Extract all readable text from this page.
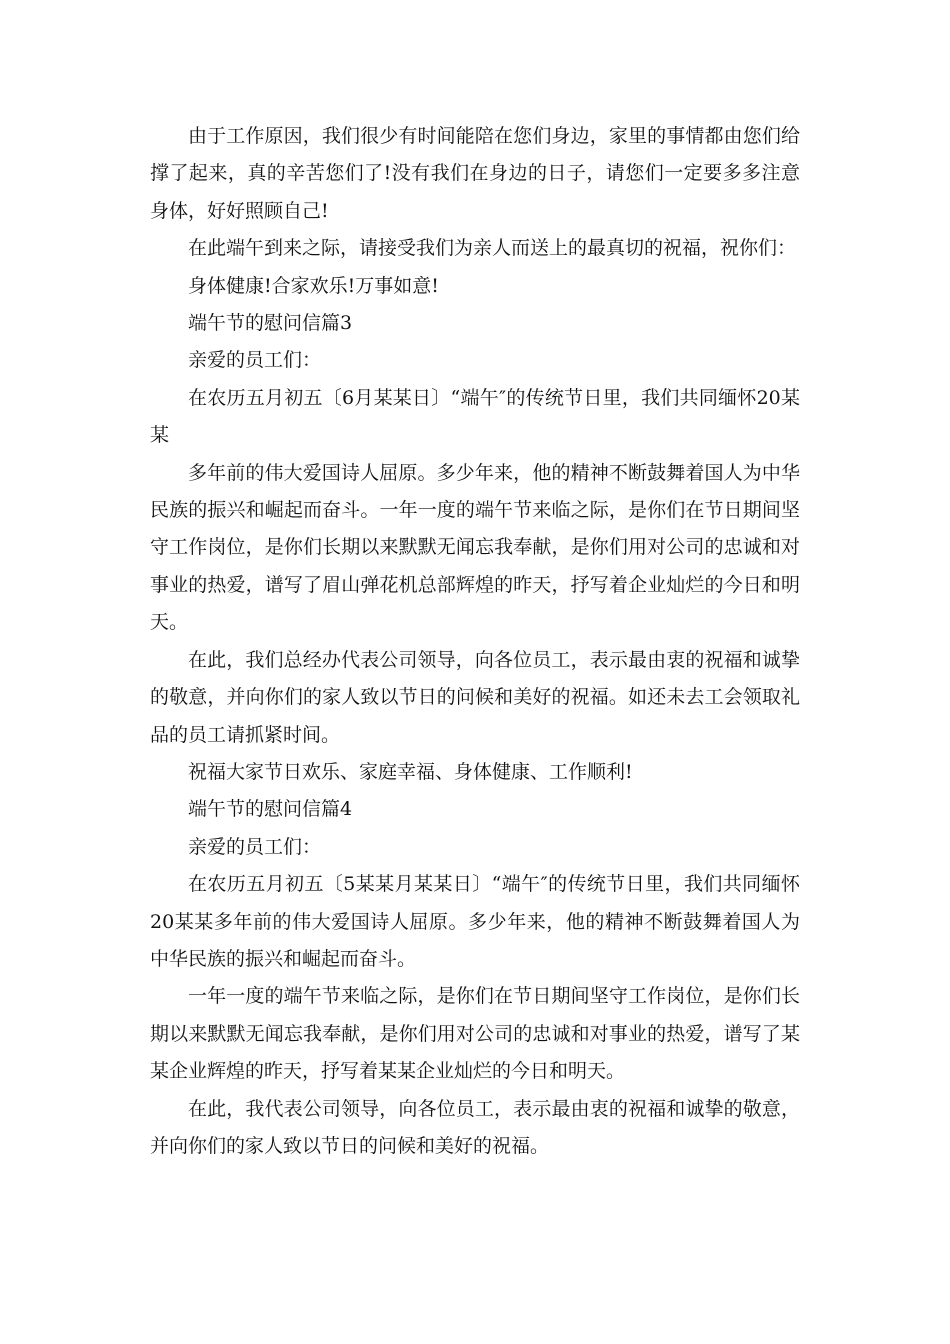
由于工作原因，我们很少有时间能陪在您们身边，家里的事情都由您们给撑了起来，真的辛苦您们了!没有我们在身边的日子，请您们一定要多多注意身体，好好照顾自己!

在此端午到来之际，请接受我们为亲人而送上的最真切的祝福，祝你们：

身体健康!合家欢乐!万事如意!

端午节的慰问信篇3

亲爱的员工们：

在农历五月初五〔6月某某日〕“端午″的传统节日里，我们共同缅怀20某某

多年前的伟大爱国诗人屈原。多少年来，他的精神不断鼓舞着国人为中华民族的振兴和崛起而奋斗。一年一度的端午节来临之际，是你们在节日期间坚守工作岗位，是你们长期以来默默无闻忘我奉献，是你们用对公司的忠诚和对事业的热爱，谱写了眉山弹花机总部辉煌的昨天，抒写着企业灿烂的今日和明天。

在此，我们总经办代表公司领导，向各位员工，表示最由衷的祝福和诚挚的敬意，并向你们的家人致以节日的问候和美好的祝福。如还未去工会领取礼品的员工请抓紧时间。

祝福大家节日欢乐、家庭幸福、身体健康、工作顺利!

端午节的慰问信篇4

亲爱的员工们：

在农历五月初五〔5某某月某某日〕“端午″的传统节日里，我们共同缅怀20某某多年前的伟大爱国诗人屈原。多少年来，他的精神不断鼓舞着国人为中华民族的振兴和崛起而奋斗。

一年一度的端午节来临之际，是你们在节日期间坚守工作岗位，是你们长期以来默默无闻忘我奉献，是你们用对公司的忠诚和对事业的热爱，谱写了某某企业辉煌的昨天，抒写着某某企业灿烂的今日和明天。

在此，我代表公司领导，向各位员工，表示最由衷的祝福和诚挚的敬意，并向你们的家人致以节日的问候和美好的祝福。
